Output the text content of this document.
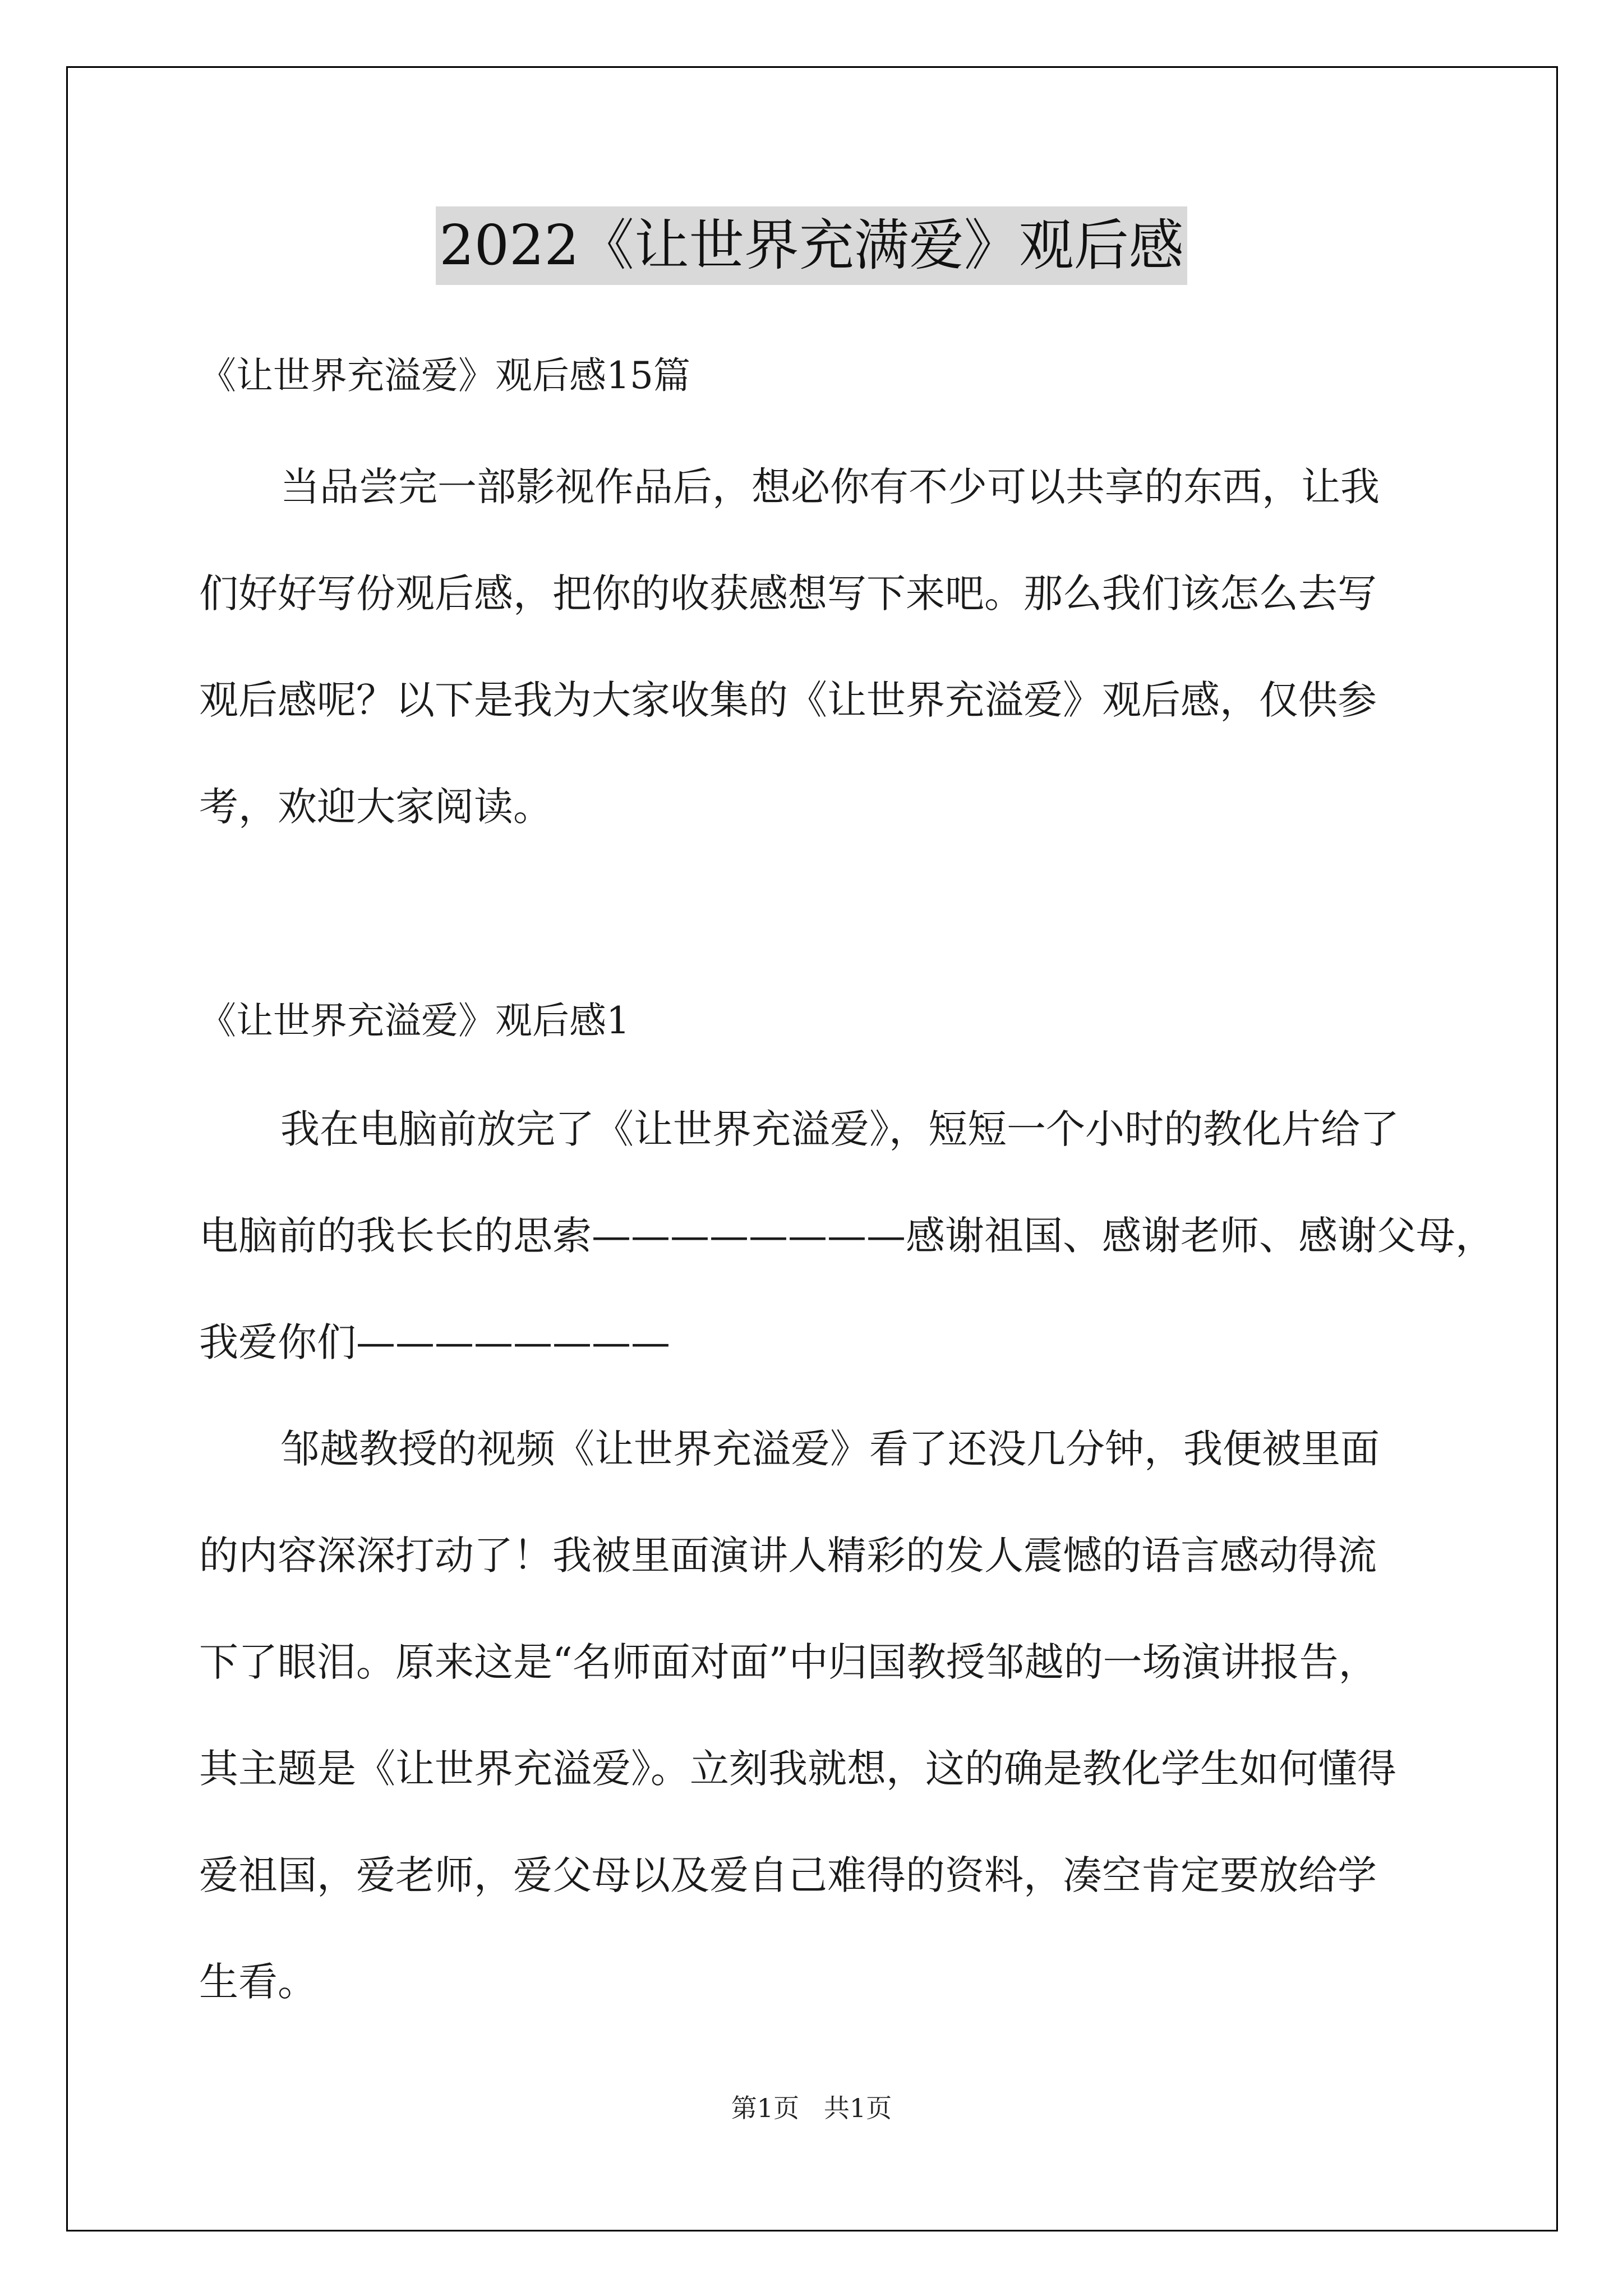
2022《让世界充满爱》观后感
《让世界充溢爱》观后感15篇
当品尝完一部影视作品后，想必你有不少可以共享的东西，让我
们好好写份观后感，把你的收获感想写下来吧。那么我们该怎么去写
观后感呢？以下是我为大家收集的《让世界充溢爱》观后感，仅供参
考，欢迎大家阅读。
《让世界充溢爱》观后感1
我在电脑前放完了《让世界充溢爱》，短短一个小时的教化片给了
电脑前的我长长的思索————————感谢祖国、感谢老师、感谢父母，
我爱你们————————
邹越教授的视频《让世界充溢爱》看了还没几分钟，我便被里面
的内容深深打动了！我被里面演讲人精彩的发人震憾的语言感动得流
下了眼泪。原来这是“名师面对面”中归国教授邹越的一场演讲报告，
其主题是《让世界充溢爱》。立刻我就想，这的确是教化学生如何懂得
爱祖国，爱老师，爱父母以及爱自己难得的资料，凑空肯定要放给学
生看。
第1页   共1页
